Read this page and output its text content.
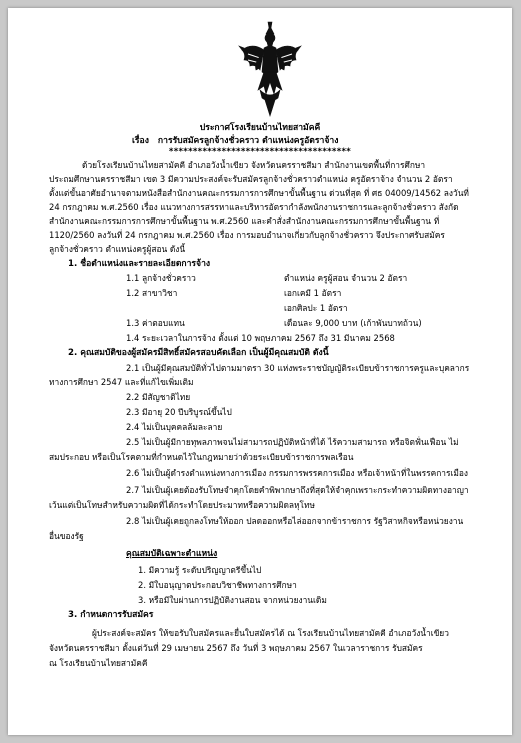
ประกาศโรงเรียนบ้านไทยสามัคคี
เรื่อง การรับสมัครลูกจ้างชั่วคราว ตำแหน่งครูอัตราจ้าง
**************************************
ด้วยโรงเรียนบ้านไทยสามัคคี อำเภอวังน้ำเขียว จังหวัดนครราชสีมา สำนักงานเขตพื้นที่การศึกษา
ประถมศึกษานครราชสีมา เขต 3 มีความประสงค์จะรับสมัครลูกจ้างชั่วคราวตำแหน่ง ครูอัตราจ้าง จำนวน 2 อัตรา
ตั้งแต่ขั้นอาศัยอำนาจตามหนังสือสำนักงานคณะกรรมการการศึกษาขั้นพื้นฐาน ด่วนที่สุด ที่ ศธ 04009/14562 ลงวันที่
24 กรกฎาคม พ.ศ.2560 เรื่อง แนวทางการสรรหาและบริหารอัตรากำลังพนักงานราชการและลูกจ้างชั่วคราว สังกัด
สำนักงานคณะกรรมการการศึกษาขั้นพื้นฐาน พ.ศ.2560 และคำสั่งสำนักงานคณะกรรมการศึกษาขั้นพื้นฐาน ที่
1120/2560 ลงวันที่ 24 กรกฎาคม พ.ศ.2560 เรื่อง การมอบอำนาจเกี่ยวกับลูกจ้างชั่วคราว จึงประกาศรับสมัคร
ลูกจ้างชั่วคราว ตำแหน่งครูผู้สอน ดังนี้
1. ชื่อตำแหน่งและรายละเอียดการจ้าง
1.1 ลูกจ้างชั่วคราว	ตำแหน่ง ครูผู้สอน จำนวน 2 อัตรา
1.2 สาขาวิชา	เอกเคมี 1 อัตรา
เอกศิลปะ 1 อัตรา
1.3 ค่าตอบแทน	เดือนละ 9,000 บาท (เก้าพันบาทถ้วน)
1.4 ระยะเวลาในการจ้าง ตั้งแต่ 10 พฤษภาคม 2567 ถึง 31 มีนาคม 2568
2. คุณสมบัติของผู้สมัครมีสิทธิ์สมัครสอบคัดเลือก เป็นผู้มีคุณสมบัติ ดังนี้
2.1 เป็นผู้มีคุณสมบัติทั่วไปตามมาตรา 30 แห่งพระราชบัญญัติระเบียบข้าราชการครูและบุคลากร
ทางการศึกษา 2547 และที่แก้ไขเพิ่มเติม
2.2 มีสัญชาติไทย
2.3 มีอายุ 20 ปีบริบูรณ์ขึ้นไป
2.4 ไม่เป็นบุคคลล้มละลาย
2.5 ไม่เป็นผู้มีกายทุพลภาพจนไม่สามารถปฏิบัติหน้าที่ได้ ไร้ความสามารถ หรือจิตฟั่นเฟือน ไม่
สมประกอบ หรือเป็นโรคตามที่กำหนดไว้ในกฎหมายว่าด้วยระเบียบข้าราชการพลเรือน
2.6 ไม่เป็นผู้ดำรงตำแหน่งทางการเมือง กรรมการพรรคการเมือง หรือเจ้าหน้าที่ในพรรคการเมือง
2.7 ไม่เป็นผู้เคยต้องรับโทษจำคุกโดยคำพิพากษาถึงที่สุดให้จำคุกเพราะกระทำความผิดทางอาญา
เว้นแต่เป็นโทษสำหรับความผิดที่ได้กระทำโดยประมาทหรือความผิดลหุโทษ
2.8 ไม่เป็นผู้เคยถูกลงโทษให้ออก ปลดออกหรือไล่ออกจากข้าราชการ รัฐวิสาหกิจหรือหน่วยงาน
อื่นของรัฐ
คุณสมบัติเฉพาะตำแหน่ง
1. มีความรู้ ระดับปริญญาตรีขึ้นไป
2. มีใบอนุญาตประกอบวิชาชีพทางการศึกษา
3. หรือมีใบผ่านการปฏิบัติงานสอน จากหน่วยงานเดิม
3. กำหนดการรับสมัคร
ผู้ประสงค์จะสมัคร ให้ขอรับใบสมัครและยื่นใบสมัครได้ ณ โรงเรียนบ้านไทยสามัคคี อำเภอวังน้ำเขียว
จังหวัดนครราชสีมา ตั้งแต่วันที่ 29 เมษายน 2567 ถึง วันที่ 3 พฤษภาคม 2567 ในเวลาราชการ รับสมัคร
ณ โรงเรียนบ้านไทยสามัคคี
